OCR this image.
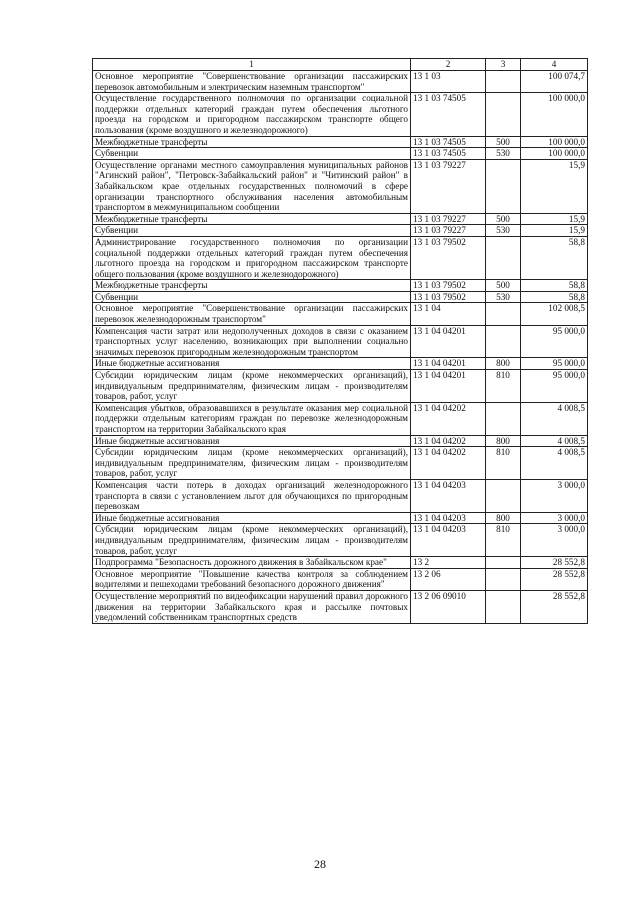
1	2	3	4
Основное мероприятие "Совершенствование организации пассажирских перевозок автомобильным и электрическим наземным транспортом"	13 1 03		100 074,7
Осуществление государственного полномочия по организации социальной поддержки отдельных категорий граждан путем обеспечения льготного проезда на городском и пригородном пассажирском транспорте общего пользования (кроме воздушного и железнодорожного)	13 1 03 74505		100 000,0
Межбюджетные трансферты	13 1 03 74505	500	100 000,0
Субвенции	13 1 03 74505	530	100 000,0
Осуществление органами местного самоуправления муниципальных районов "Агинский район", "Петровск-Забайкальский район" и "Читинский район" в Забайкальском крае отдельных государственных полномочий в сфере организации транспортного обслуживания населения автомобильным транспортом в межмуниципальном сообщении	13 1 03 79227		15,9
Межбюджетные трансферты	13 1 03 79227	500	15,9
Субвенции	13 1 03 79227	530	15,9
Администрирование государственного полномочия по организации социальной поддержки отдельных категорий граждан путем обеспечения льготного проезда на городском и пригородном пассажирском транспорте общего пользования (кроме воздушного и железнодорожного)	13 1 03 79502		58,8
Межбюджетные трансферты	13 1 03 79502	500	58,8
Субвенции	13 1 03 79502	530	58,8
Основное мероприятие "Совершенствование организации пассажирских перевозок железнодорожным транспортом"	13 1 04		102 008,5
Компенсация части затрат или недополученных доходов в связи с оказанием транспортных услуг населению, возникающих при выполнении социально значимых перевозок пригородным железнодорожным транспортом	13 1 04 04201		95 000,0
Иные бюджетные ассигнования	13 1 04 04201	800	95 000,0
Субсидии юридическим лицам (кроме некоммерческих организаций), индивидуальным предпринимателям, физическим лицам - производителям товаров, работ, услуг	13 1 04 04201	810	95 000,0
Компенсация убытков, образовавшихся в результате оказания мер социальной поддержки отдельным категориям граждан по перевозке железнодорожным транспортом на территории Забайкальского края	13 1 04 04202		4 008,5
Иные бюджетные ассигнования	13 1 04 04202	800	4 008,5
Субсидии юридическим лицам (кроме некоммерческих организаций), индивидуальным предпринимателям, физическим лицам - производителям товаров, работ, услуг	13 1 04 04202	810	4 008,5
Компенсация части потерь в доходах организаций железнодорожного транспорта в связи с установлением льгот для обучающихся по пригородным перевозкам	13 1 04 04203		3 000,0
Иные бюджетные ассигнования	13 1 04 04203	800	3 000,0
Субсидии юридическим лицам (кроме некоммерческих организаций), индивидуальным предпринимателям, физическим лицам - производителям товаров, работ, услуг	13 1 04 04203	810	3 000,0
Подпрограмма "Безопасность дорожного движения в Забайкальском крае"	13 2		28 552,8
Основное мероприятие "Повышение качества контроля за соблюдением водителями и пешеходами требований безопасного дорожного движения"	13 2 06		28 552,8
Осуществление мероприятий по видеофиксации нарушений правил дорожного движения на территории Забайкальского края и рассылке почтовых уведомлений собственникам транспортных средств	13 2 06 09010		28 552,8
28
